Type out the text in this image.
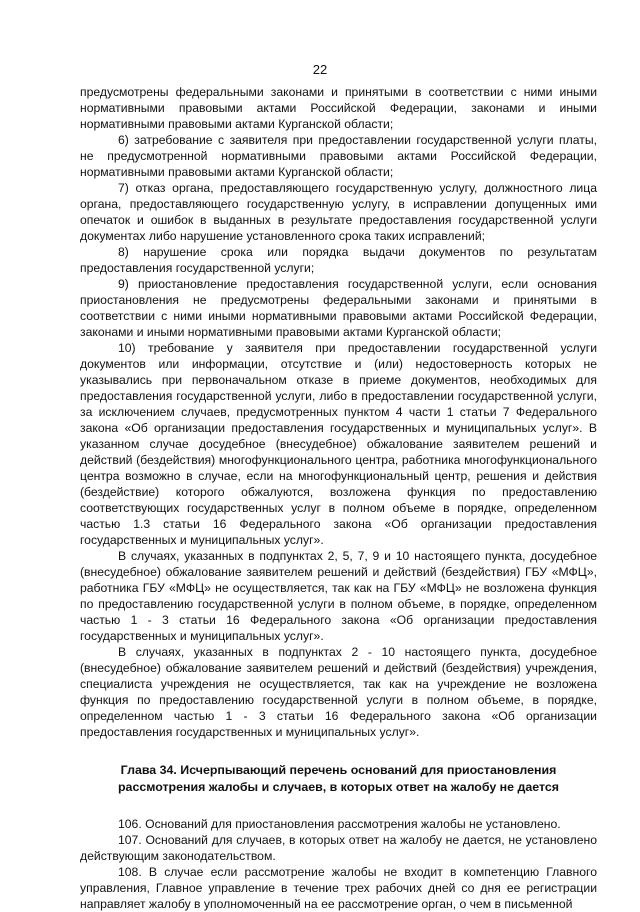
22

предусмотрены федеральными законами и принятыми в соответствии с ними иными нормативными правовыми актами Российской Федерации, законами и иными нормативными правовыми актами Курганской области;

6) затребование с заявителя при предоставлении государственной услуги платы, не предусмотренной нормативными правовыми актами Российской Федерации, нормативными правовыми актами Курганской области;

7) отказ органа, предоставляющего государственную услугу, должностного лица органа, предоставляющего государственную услугу, в исправлении допущенных ими опечаток и ошибок в выданных в результате предоставления государственной услуги документах либо нарушение установленного срока таких исправлений;

8) нарушение срока или порядка выдачи документов по результатам предоставления государственной услуги;

9) приостановление предоставления государственной услуги, если основания приостановления не предусмотрены федеральными законами и принятыми в соответствии с ними иными нормативными правовыми актами Российской Федерации, законами и иными нормативными правовыми актами Курганской области;

10) требование у заявителя при предоставлении государственной услуги документов или информации, отсутствие и (или) недостоверность которых не указывались при первоначальном отказе в приеме документов, необходимых для предоставления государственной услуги, либо в предоставлении государственной услуги, за исключением случаев, предусмотренных пунктом 4 части 1 статьи 7 Федерального закона «Об организации предоставления государственных и муниципальных услуг». В указанном случае досудебное (внесудебное) обжалование заявителем решений и действий (бездействия) многофункционального центра, работника многофункционального центра возможно в случае, если на многофункциональный центр, решения и действия (бездействие) которого обжалуются, возложена функция по предоставлению соответствующих государственных услуг в полном объеме в порядке, определенном частью 1.3 статьи 16 Федерального закона «Об организации предоставления государственных и муниципальных услуг».

В случаях, указанных в подпунктах 2, 5, 7, 9 и 10 настоящего пункта, досудебное (внесудебное) обжалование заявителем решений и действий (бездействия) ГБУ «МФЦ», работника ГБУ «МФЦ» не осуществляется, так как на ГБУ «МФЦ» не возложена функция по предоставлению государственной услуги в полном объеме, в порядке, определенном частью 1 - 3 статьи 16 Федерального закона «Об организации предоставления государственных и муниципальных услуг».

В случаях, указанных в подпунктах 2 - 10 настоящего пункта, досудебное (внесудебное) обжалование заявителем решений и действий (бездействия) учреждения, специалиста учреждения не осуществляется, так как на учреждение не возложена функция по предоставлению государственной услуги в полном объеме, в порядке, определенном частью 1 - 3 статьи 16 Федерального закона «Об организации предоставления государственных и муниципальных услуг».

Глава 34. Исчерпывающий перечень оснований для приостановления
рассмотрения жалобы и случаев, в которых ответ на жалобу не дается

106. Оснований для приостановления рассмотрения жалобы не установлено.

107. Оснований для случаев, в которых ответ на жалобу не дается, не установлено действующим законодательством.

108. В случае если рассмотрение жалобы не входит в компетенцию Главного управления, Главное управление в течение трех рабочих дней со дня ее регистрации направляет жалобу в уполномоченный на ее рассмотрение орган, о чем в письменной
